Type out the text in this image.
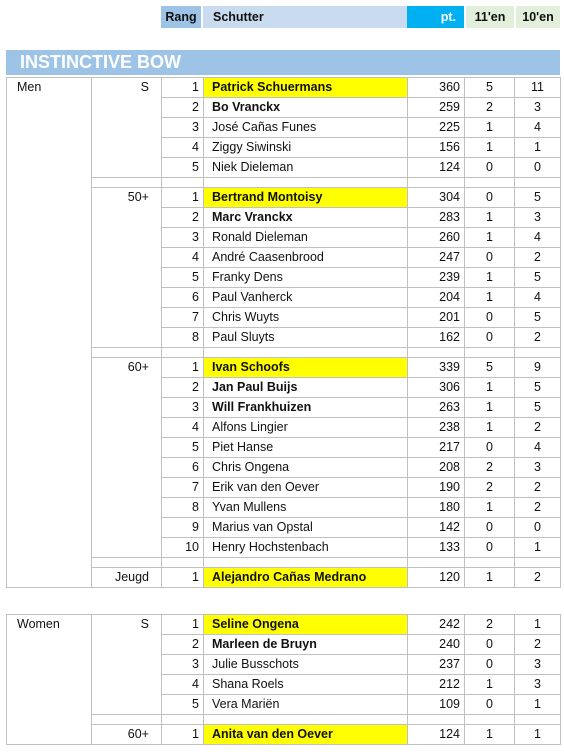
Rang	Schutter	pt.	11'en	10'en
INSTINCTIVE BOW
Men	S	1	Patrick Schuermans	360	5	11
		2	Bo Vranckx	259	2	3
		3	José Cañas Funes	225	1	4
		4	Ziggy Siwinski	156	1	1
		5	Niek Dieleman	124	0	0

	50+	1	Bertrand Montoisy	304	0	5
		2	Marc Vranckx	283	1	3
		3	Ronald Dieleman	260	1	4
		4	André Caasenbrood	247	0	2
		5	Franky Dens	239	1	5
		6	Paul Vanherck	204	1	4
		7	Chris Wuyts	201	0	5
		8	Paul Sluyts	162	0	2

	60+	1	Ivan Schoofs	339	5	9
		2	Jan Paul Buijs	306	1	5
		3	Will Frankhuizen	263	1	5
		4	Alfons Lingier	238	1	2
		5	Piet Hanse	217	0	4
		6	Chris Ongena	208	2	3
		7	Erik van den Oever	190	2	2
		8	Yvan Mullens	180	1	2
		9	Marius van Opstal	142	0	0
		10	Henry Hochstenbach	133	0	1

	Jeugd	1	Alejandro Cañas Medrano	120	1	2
Women	S	1	Seline Ongena	242	2	1
		2	Marleen de Bruyn	240	0	2
		3	Julie Busschots	237	0	3
		4	Shana Roels	212	1	3
		5	Vera Mariën	109	0	1

	60+	1	Anita van den Oever	124	1	1
